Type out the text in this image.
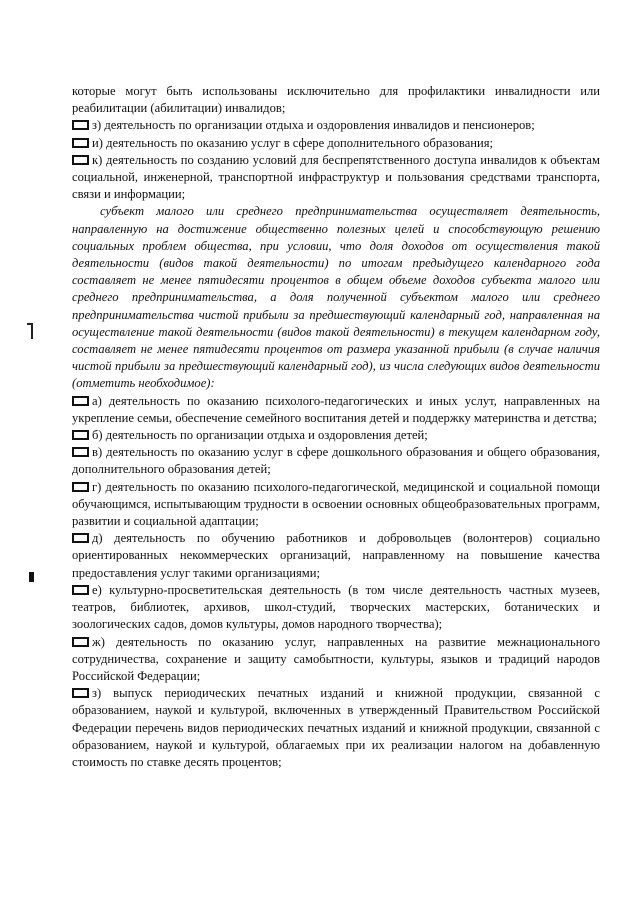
которые могут быть использованы исключительно для профилактики инвалидности или реабилитации (абилитации) инвалидов;

з) деятельность по организации отдыха и оздоровления инвалидов и пенсионеров;

и) деятельность по оказанию услуг в сфере дополнительного образования;

к) деятельность по созданию условий для беспрепятственного доступа инвалидов к объектам социальной, инженерной, транспортной инфраструктур и пользования средствами транспорта, связи и информации;

субъект малого или среднего предпринимательства осуществляет деятельность, направленную на достижение общественно полезных целей и способствующую решению социальных проблем общества, при условии, что доля доходов от осуществления такой деятельности (видов такой деятельности) по итогам предыдущего календарного года составляет не менее пятидесяти процентов в общем объеме доходов субъекта малого или среднего предпринимательства, а доля полученной субъектом малого или среднего предпринимательства чистой прибыли за предшествующий календарный год, направленная на осуществление такой деятельности (видов такой деятельности) в текущем календарном году, составляет не менее пятидесяти процентов от размера указанной прибыли (в случае наличия чистой прибыли за предшествующий календарный год), из числа следующих видов деятельности (отметить необходимое):

а) деятельность по оказанию психолого-педагогических и иных услут, направленных на укрепление семьи, обеспечение семейного воспитания детей и поддержку материнства и детства;

б) деятельность по организации отдыха и оздоровления детей;

в) деятельность по оказанию услуг в сфере дошкольного образования и общего образования, дополнительного образования детей;

г) деятельность по оказанию психолого-педагогической, медицинской и социальной помощи обучающимся, испытывающим трудности в освоении основных общеобразовательных программ, развитии и социальной адаптации;

д) деятельность по обучению работников и добровольцев (волонтеров) социально ориентированных некоммерческих организаций, направленному на повышение качества предоставления услуг такими организациями;

е) культурно-просветительская деятельность (в том числе деятельность частных музеев, театров, библиотек, архивов, школ-студий, творческих мастерских, ботанических и зоологических садов, домов культуры, домов народного творчества);

ж) деятельность по оказанию услуг, направленных на развитие межнационального сотрудничества, сохранение и защиту самобытности, культуры, языков и традиций народов Российской Федерации;

з) выпуск периодических печатных изданий и книжной продукции, связанной с образованием, наукой и культурой, включенных в утвержденный Правительством Российской Федерации перечень видов периодических печатных изданий и книжной продукции, связанной с образованием, наукой и культурой, облагаемых при их реализации налогом на добавленную стоимость по ставке десять процентов;
